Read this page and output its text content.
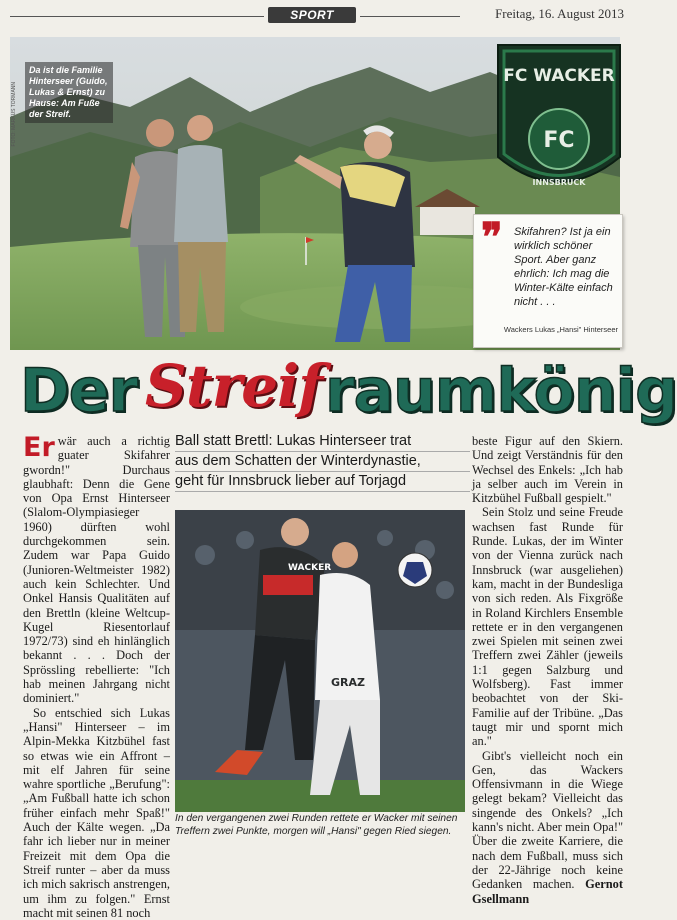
SPORT	Freitag, 16. August 2013
FC WACKER
FC
INNSBRUCK
FOTO: MARKUS TORMANN
Da ist die Familie Hinterseer (Guido, Lukas & Ernst) zu Hause: Am Fuße der Streif.
❞ Skifahren? Ist ja ein wirklich schöner Sport. Aber ganz ehrlich: Ich mag die Winter-Kälte einfach nicht . . .
Wackers Lukas „Hansi" Hinterseer
Der Streif raumkönig

Er wär auch a richtig guater Skifahrer gwordn!" Durchaus glaubhaft: Denn die Gene von Opa Ernst Hinterseer (Slalom-Olympiasieger 1960) dürften wohl durchgekommen sein. Zudem war Papa Guido (Junioren-Weltmeister 1982) auch kein Schlechter. Und Onkel Hansis Qualitäten auf den Brettln (kleine Weltcup-Kugel Riesentorlauf 1972/73) sind eh hinlänglich bekannt . . . Doch der Sprössling rebellierte: "Ich hab meinen Jahrgang nicht dominiert."

So entschied sich Lukas „Hansi" Hinterseer – im Alpin-Mekka Kitzbühel fast so etwas wie ein Affront – mit elf Jahren für seine wahre sportliche „Berufung": „Am Fußball hatte ich schon früher einfach mehr Spaß!" Auch der Kälte wegen. „Da fahr ich lieber nur in meiner Freizeit mit dem Opa die Streif runter – aber da muss ich mich sakrisch anstrengen, um ihm zu folgen." Ernst macht mit seinen 81 noch

Ball statt Brettl: Lukas Hinterseer trat
aus dem Schatten der Winterdynastie,
geht für Innsbruck lieber auf Torjagd
WACKER
GRAZ
In den vergangenen zwei Runden rettete er Wacker mit seinen Treffern zwei Punkte, morgen will „Hansi" gegen Ried siegen.

beste Figur auf den Skiern. Und zeigt Verständnis für den Wechsel des Enkels: „Ich hab ja selber auch im Verein in Kitzbühel Fußball gespielt."

Sein Stolz und seine Freude wachsen fast Runde für Runde. Lukas, der im Winter von der Vienna zurück nach Innsbruck (war ausgeliehen) kam, macht in der Bundesliga von sich reden. Als Fixgröße in Roland Kirchlers Ensemble rettete er in den vergangenen zwei Spielen mit seinen zwei Treffern zwei Zähler (jeweils 1:1 gegen Salzburg und Wolfsberg). Fast immer beobachtet von der Ski-Familie auf der Tribüne. „Das taugt mir und spornt mich an."

Gibt's vielleicht noch ein Gen, das Wackers Offensivmann in die Wiege gelegt bekam? Vielleicht das singende des Onkels? „Ich kann's nicht. Aber mein Opa!" Über die zweite Karriere, die nach dem Fußball, muss sich der 22-Jährige noch keine Gedanken machen. Gernot Gsellmann
